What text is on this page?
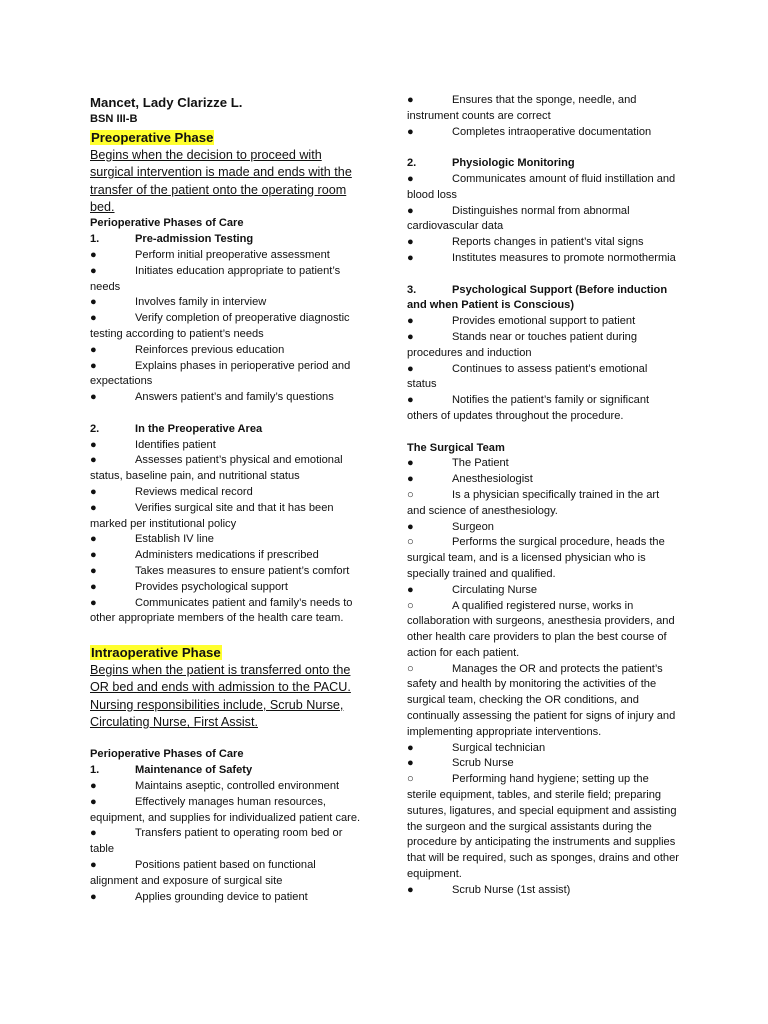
Mancet, Lady Clarizze L.

BSN III-B

Preoperative Phase

Begins when the decision to proceed with surgical intervention is made and ends with the transfer of the patient onto the operating room bed.

Perioperative Phases of Care

1.	Pre-admission Testing

●	Perform initial preoperative assessment

●	Initiates education appropriate to patient’s needs

●	Involves family in interview

●	Verify completion of preoperative diagnostic testing according to patient’s needs

●	Reinforces previous education

●	Explains phases in perioperative period and expectations

●	Answers patient’s and family’s questions

2.	In the Preoperative Area

●	Identifies patient

●	Assesses patient’s physical and emotional status, baseline pain, and nutritional status

●	Reviews medical record

●	Verifies surgical site and that it has been marked per institutional policy

●	Establish IV line

●	Administers medications if prescribed

●	Takes measures to ensure patient’s comfort

●	Provides psychological support

●	Communicates patient and family’s needs to other appropriate members of the health care team.

Intraoperative Phase

Begins when the patient is transferred onto the OR bed and ends with admission to the PACU. Nursing responsibilities include, Scrub Nurse, Circulating Nurse, First Assist.

Perioperative Phases of Care

1.	Maintenance of Safety

●	Maintains aseptic, controlled environment

●	Effectively manages human resources, equipment, and supplies for individualized patient care.

●	Transfers patient to operating room bed or table

●	Positions patient based on functional alignment and exposure of surgical site

●	Applies grounding device to patient

●	Ensures that the sponge, needle, and instrument counts are correct

●	Completes intraoperative documentation

2.	Physiologic Monitoring

●	Communicates amount of fluid instillation and blood loss

●	Distinguishes normal from abnormal cardiovascular data

●	Reports changes in patient’s vital signs

●	Institutes measures to promote normothermia

3.	Psychological Support (Before induction and when Patient is Conscious)

●	Provides emotional support to patient

●	Stands near or touches patient during procedures and induction

●	Continues to assess patient’s emotional status

●	Notifies the patient’s family or significant others of updates throughout the procedure.

The Surgical Team

●	The Patient

●	Anesthesiologist

○	Is a physician specifically trained in the art and science of anesthesiology.

●	Surgeon

○	Performs the surgical procedure, heads the surgical team, and is a licensed physician who is specially trained and qualified.

●	Circulating Nurse

○	A qualified registered nurse, works in collaboration with surgeons, anesthesia providers, and other health care providers to plan the best course of action for each patient.

○	Manages the OR and protects the patient’s safety and health by monitoring the activities of the surgical team, checking the OR conditions, and continually assessing the patient for signs of injury and implementing appropriate interventions.

●	Surgical technician

●	Scrub Nurse

○	Performing hand hygiene; setting up the sterile equipment, tables, and sterile field; preparing sutures, ligatures, and special equipment and assisting the surgeon and the surgical assistants during the procedure by anticipating the instruments and supplies that will be required, such as sponges, drains and other equipment.

●	Scrub Nurse (1st assist)
